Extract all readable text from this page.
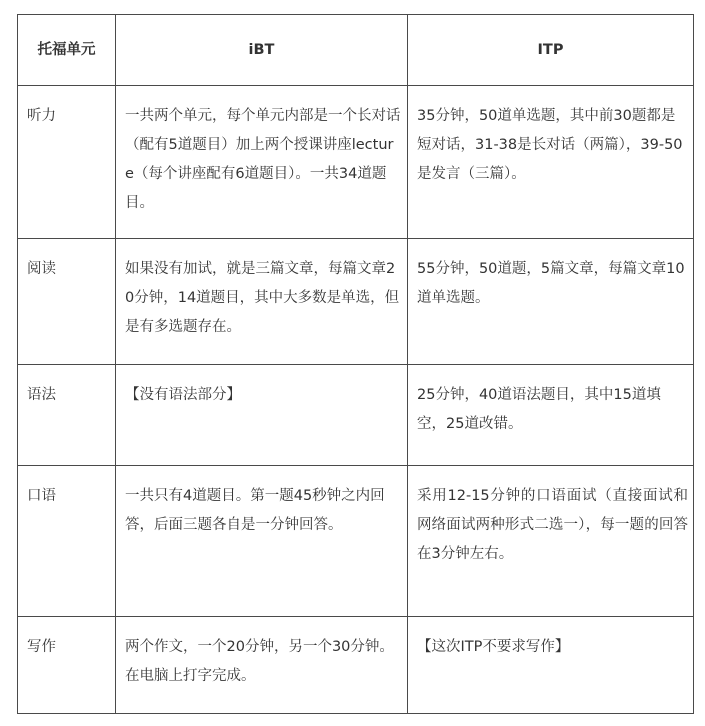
托福单元	iBT	ITP
听力	一共两个单元，每个单元内部是一个长对话（配有5道题目）加上两个授课讲座lecture（每个讲座配有6道题目）。一共34道题目。	35分钟，50道单选题，其中前30题都是短对话，31-38是长对话（两篇），39-50是发言（三篇）。
阅读	如果没有加试，就是三篇文章，每篇文章20分钟，14道题目，其中大多数是单选，但是有多选题存在。	55分钟，50道题，5篇文章，每篇文章10道单选题。
语法	【没有语法部分】	25分钟，40道语法题目，其中15道填空，25道改错。
口语	一共只有4道题目。第一题45秒钟之内回答，后面三题各自是一分钟回答。	采用12-15分钟的口语面试（直接面试和网络面试两种形式二选一），每一题的回答在3分钟左右。
写作	两个作文，一个20分钟，另一个30分钟。在电脑上打字完成。	【这次ITP不要求写作】
